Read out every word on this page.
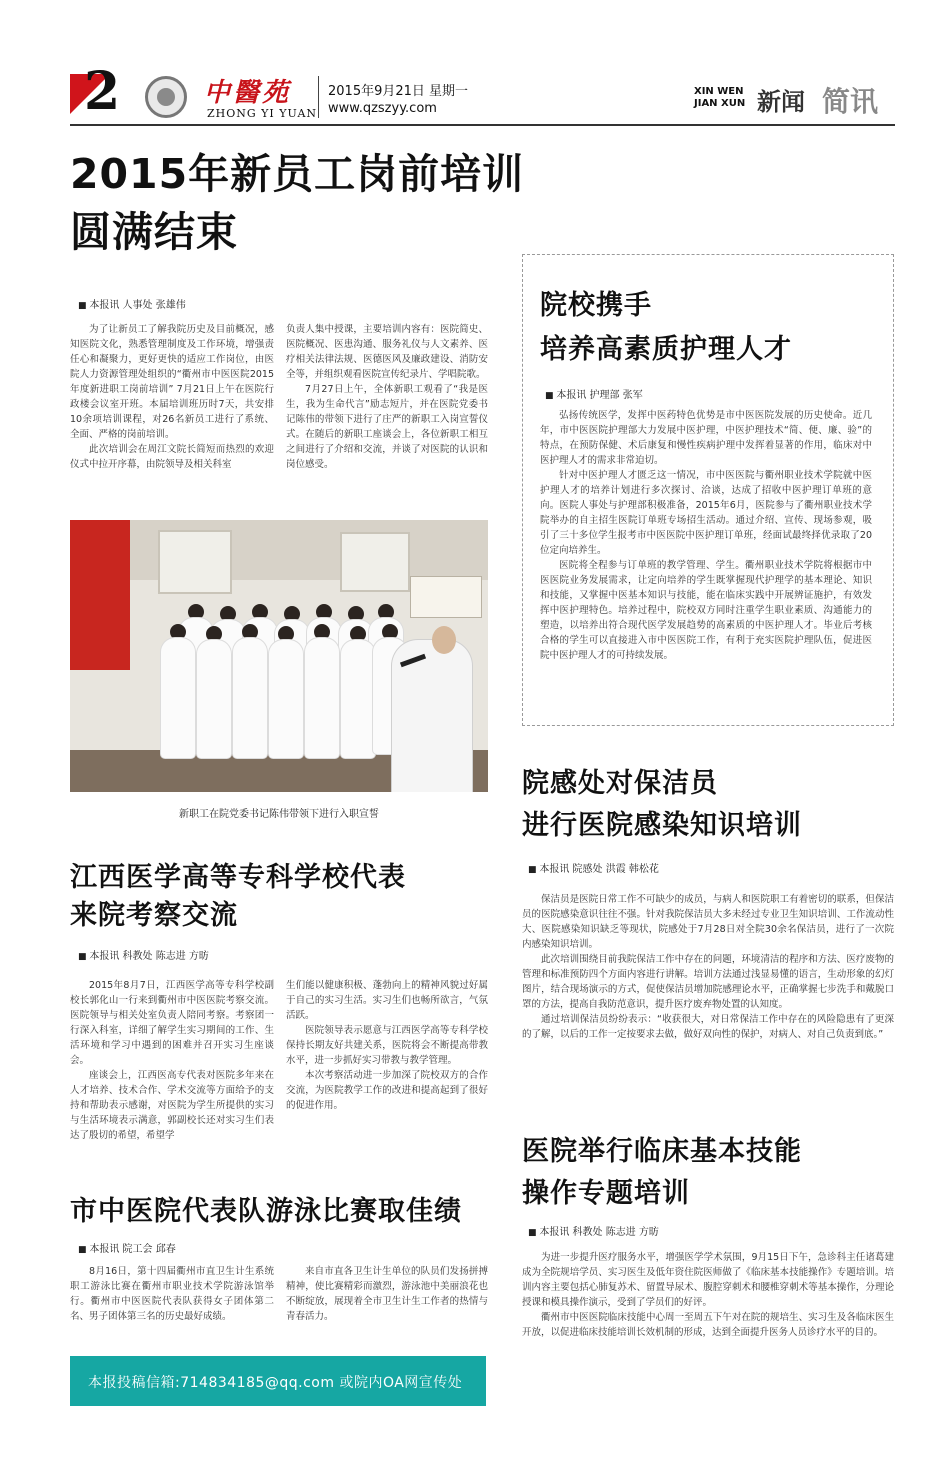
2	中醫苑
ZHONG YI YUAN
2015年9月21日 星期一
www.qzszyy.com
XIN WEN
JIAN XUN 新闻 简讯
2015年新员工岗前培训
圆满结束
■ 本报讯 人事处 张雄伟

为了让新员工了解我院历史及目前概况，感知医院文化，熟悉管理制度及工作环境，增强责任心和凝聚力，更好更快的适应工作岗位，由医院人力资源管理处组织的“衢州市中医医院2015年度新进职工岗前培训” 7月21日上午在医院行政楼会议室开班。本届培训班历时7天，共安排10余项培训课程，对26名新员工进行了系统、全面、严格的岗前培训。

此次培训会在周江文院长简短而热烈的欢迎仪式中拉开序幕，由院领导及相关科室

负责人集中授课，主要培训内容有：医院简史、医院概况、医患沟通、服务礼仪与人文素养、医疗相关法律法规、医德医风及廉政建设、消防安全等，并组织观看医院宣传纪录片、学唱院歌。

7月27日上午，全体新职工观看了“我是医生，我为生命代言”励志短片，并在医院党委书记陈伟的带领下进行了庄严的新职工入岗宣誓仪式。在随后的新职工座谈会上，各位新职工相互之间进行了介绍和交流，并谈了对医院的认识和岗位感受。

新职工在院党委书记陈伟带领下进行入职宣誓
院校携手
培养高素质护理人才
■ 本报讯 护理部 张军

弘扬传统医学，发挥中医药特色优势是市中医医院发展的历史使命。近几年，市中医医院护理部大力发展中医护理，中医护理技术“简、便、廉、验”的特点，在预防保健、术后康复和慢性疾病护理中发挥着显著的作用，临床对中医护理人才的需求非常迫切。

针对中医护理人才匮乏这一情况，市中医医院与衢州职业技术学院就中医护理人才的培养计划进行多次探讨、洽谈，达成了招收中医护理订单班的意向。医院人事处与护理部积极准备，2015年6月，医院参与了衢州职业技术学院举办的自主招生医院订单班专场招生活动。通过介绍、宣传、现场参观，吸引了三十多位学生报考市中医医院中医护理订单班，经面试最终择优录取了20位定向培养生。

医院将全程参与订单班的教学管理、学生。衢州职业技术学院将根据市中医医院业务发展需求，让定向培养的学生既掌握现代护理学的基本理论、知识和技能，又掌握中医基本知识与技能，能在临床实践中开展辨证施护，有效发挥中医护理特色。培养过程中，院校双方同时注重学生职业素质、沟通能力的塑造，以培养出符合现代医学发展趋势的高素质的中医护理人才。毕业后考核合格的学生可以直接进入市中医医院工作，有利于充实医院护理队伍，促进医院中医护理人才的可持续发展。

院感处对保洁员
进行医院感染知识培训
■ 本报讯 院感处 洪霞 韩松花

保洁员是医院日常工作不可缺少的成员，与病人和医院职工有着密切的联系，但保洁员的医院感染意识往往不强。针对我院保洁员大多未经过专业卫生知识培训、工作流动性大、医院感染知识缺乏等现状，院感处于7月28日对全院30余名保洁员，进行了一次院内感染知识培训。

此次培训围绕目前我院保洁工作中存在的问题，环境清洁的程序和方法、医疗废物的管理和标准预防四个方面内容进行讲解。培训方法通过浅显易懂的语言，生动形象的幻灯图片，结合现场演示的方式，促使保洁员增加院感理论水平，正确掌握七步洗手和戴脱口罩的方法，提高自我防范意识，提升医疗废弃物处置的认知度。

通过培训保洁员纷纷表示：“收获很大，对日常保洁工作中存在的风险隐患有了更深的了解，以后的工作一定按要求去做，做好双向性的保护，对病人、对自己负责到底。”

江西医学高等专科学校代表
来院考察交流
■ 本报讯 科教处 陈志进 方昉

2015年8月7日，江西医学高等专科学校副校长郭化山一行来到衢州市中医医院考察交流。医院领导与相关处室负责人陪同考察。考察团一行深入科室，详细了解学生实习期间的工作、生活环境和学习中遇到的困难并召开实习生座谈会。

座谈会上，江西医高专代表对医院多年来在人才培养、技术合作、学术交流等方面给予的支持和帮助表示感谢，对医院为学生所提供的实习与生活环境表示满意，郭副校长还对实习生们表达了殷切的希望，希望学

生们能以健康积极、蓬勃向上的精神风貌过好属于自己的实习生活。实习生们也畅所欲言，气氛活跃。

医院领导表示愿意与江西医学高等专科学校保持长期友好共建关系，医院将会不断提高带教水平，进一步抓好实习带教与教学管理。

本次考察活动进一步加深了院校双方的合作交流，为医院教学工作的改进和提高起到了很好的促进作用。

市中医院代表队游泳比赛取佳绩
■ 本报讯 院工会 邱春

8月16日，第十四届衢州市直卫生计生系统职工游泳比赛在衢州市职业技术学院游泳馆举行。衢州市中医医院代表队获得女子团体第二名、男子团体第三名的历史最好成绩。

来自市直各卫生计生单位的队员们发扬拼搏精神，使比赛精彩而激烈，游泳池中美丽浪花也不断绽放，展现着全市卫生计生工作者的热情与青春活力。

医院举行临床基本技能
操作专题培训
■ 本报讯 科教处 陈志进 方昉

为进一步提升医疗服务水平，增强医学学术氛围，9月15日下午，急诊科主任诸葛建成为全院规培学员、实习医生及低年资住院医师做了《临床基本技能操作》专题培训。培训内容主要包括心肺复苏术、留置导尿术、腹腔穿刺术和腰椎穿刺术等基本操作，分理论授课和模具操作演示，受到了学员们的好评。

衢州市中医医院临床技能中心周一至周五下午对在院的规培生、实习生及各临床医生开放，以促进临床技能培训长效机制的形成，达到全面提升医务人员诊疗水平的目的。

本报投稿信箱:714834185@qq.com 或院内OA网宣传处
